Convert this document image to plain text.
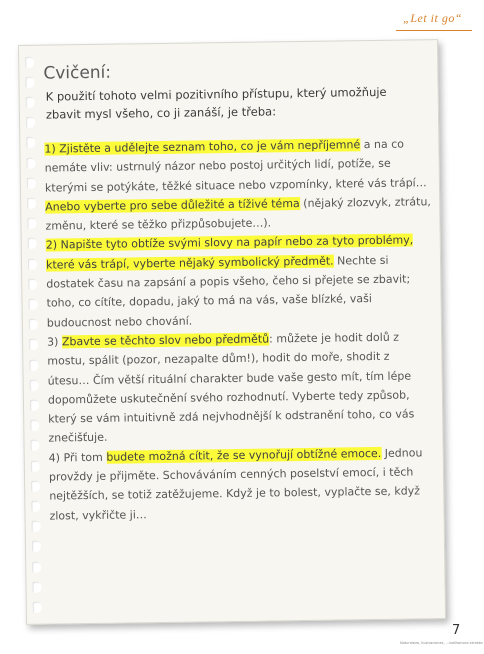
„Let it go“
Cvičení:
K použití tohoto velmi pozitivního přístupu, který umožňuje zbavit mysl všeho, co ji zanáší, je třeba:

1) Zjistěte a udělejte seznam toho, co je vám nepříjemné a na co nemáte vliv: ustrnulý názor nebo postoj určitých lidí, potíže, se kterými se potýkáte, těžké situace nebo vzpomínky, které vás trápí…

Anebo vyberte pro sebe důležité a tíživé téma (nějaký zlozvyk, ztrátu, změnu, které se těžko přizpůsobujete…).

2) Napište tyto obtíže svými slovy na papír nebo za tyto problémy, které vás trápí, vyberte nějaký symbolický předmět. Nechte si dostatek času na zapsání a popis všeho, čeho si přejete se zbavit; toho, co cítíte, dopadu, jaký to má na vás, vaše blízké, vaši budoucnost nebo chování.

3) Zbavte se těchto slov nebo předmětů: můžete je hodit dolů z mostu, spálit (pozor, nezapalte dům!), hodit do moře, shodit z útesu… Čím větší rituální charakter bude vaše gesto mít, tím lépe dopomůžete uskutečnění svého rozhodnutí. Vyberte tedy způsob, který se vám intuitivně zdá nejvhodnější k odstranění toho, co vás znečišťuje.

4) Při tom budete možná cítit, že se vynořují obtížné emoce. Jednou provždy je přijměte. Schováváním cenných poselství emocí, i těch nejtěžších, se totiž zatěžujeme. Když je to bolest, vyplačte se, když zlost, vykřičte ji…

7
Naturaleza, Ilustraciones, ...ivelikonoce.strakko
